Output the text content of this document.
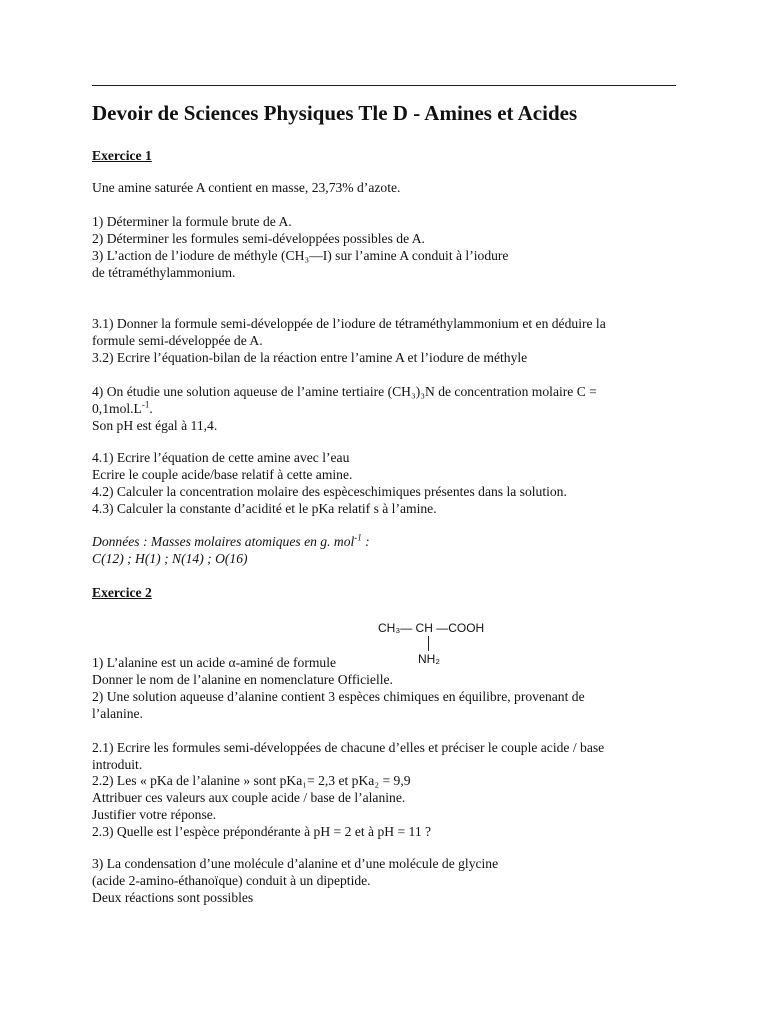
Devoir de Sciences Physiques Tle D - Amines et Acides
Exercice 1
Une amine saturée A contient en masse, 23,73% d’azote.
1) Déterminer la formule brute de A.
2) Déterminer les formules semi-développées possibles de A.
3) L’action de l’iodure de méthyle (CH₃—I) sur l’amine A conduit à l’iodure
de tétraméthylammonium.
3.1) Donner la formule semi-développée de l’iodure de tétraméthylammonium et en déduire la
formule semi-développée de A.
3.2) Ecrire l’équation-bilan de la réaction entre l’amine A et l’iodure de méthyle
4) On étudie une solution aqueuse de l’amine tertiaire (CH₃)₃N de concentration molaire C =
$0,1mol.L^{-1}$.
Son pH est égal à 11,4.
4.1) Ecrire l’équation de cette amine avec l’eau
Ecrire le couple acide/base relatif à cette amine.
4.2) Calculer la concentration molaire des espèceschimiques présentes dans la solution.
4.3) Calculer la constante d’acidité et le pKa relatif s à l’amine.
Données : Masses molaires atomiques en g. mol$^{-1}$ :
C(12) ; H(1) ; N(14) ; O(16)
Exercice 2
CH₃— CH —COOH
NH₂
1) L’alanine est un acide α-aminé de formule
Donner le nom de l’alanine en nomenclature Officielle.
2) Une solution aqueuse d’alanine contient 3 espèces chimiques en équilibre, provenant de
l’alanine.
2.1) Ecrire les formules semi-développées de chacune d’elles et préciser le couple acide / base
introduit.
2.2) Les « pKa de l’alanine » sont pKa₁= 2,3 et pKa₂ = 9,9
Attribuer ces valeurs aux couple acide / base de l’alanine.
Justifier votre réponse.
2.3) Quelle est l’espèce prépondérante à pH = 2 et à pH = 11 ?
3) La condensation d’une molécule d’alanine et d’une molécule de glycine
(acide 2-amino-éthanoïque) conduit à un dipeptide.
Deux réactions sont possibles
